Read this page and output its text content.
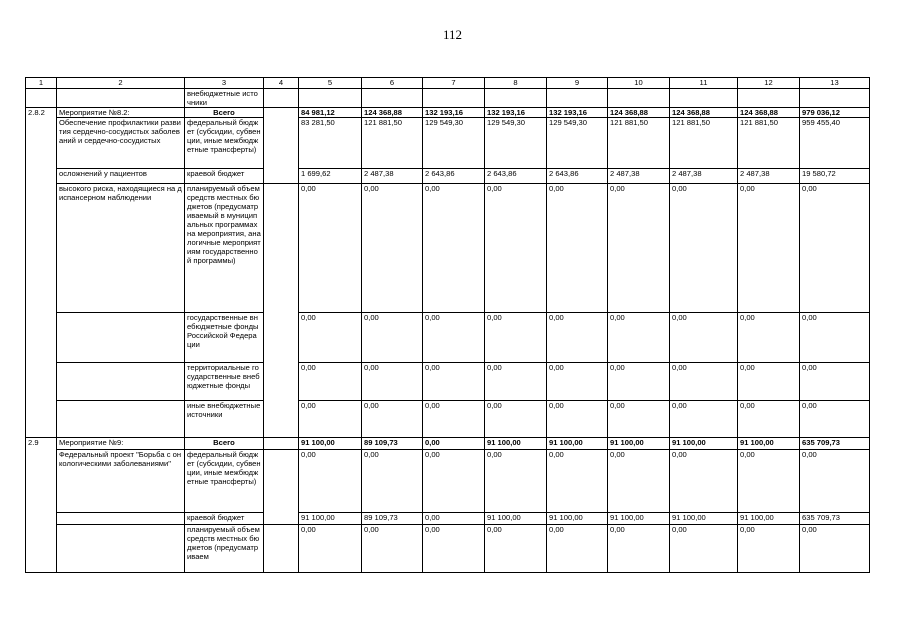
112
1	2	3	4	5	6	7	8	9	10	11	12	13
		внебюджетные источники										
2.8.2	Мероприятие №8.2:	Всего		84 981,12	124 368,88	132 193,16	132 193,16	132 193,16	124 368,88	124 368,88	124 368,88	979 036,12
	Обеспечение профилактики развития сердечно-сосудистых заболеваний и сердечно-сосудистых	федеральный бюджет (субсидии, субвенции, иные межбюджетные трансферты)		83 281,50	121 881,50	129 549,30	129 549,30	129 549,30	121 881,50	121 881,50	121 881,50	959 455,40
	осложнений у пациентов	краевой бюджет		1 699,62	2 487,38	2 643,86	2 643,86	2 643,86	2 487,38	2 487,38	2 487,38	19 580,72
	высокого риска, находящиеся на диспансерном наблюдении	планируемый объем средств местных бюджетов (предусматриваемый в муниципальных программах на мероприятия, аналогичные мероприятиям государственной программы)		0,00	0,00	0,00	0,00	0,00	0,00	0,00	0,00	0,00
		государственные внебюджетные фонды Российской Федерации		0,00	0,00	0,00	0,00	0,00	0,00	0,00	0,00	0,00
		территориальные государственные внебюджетные фонды		0,00	0,00	0,00	0,00	0,00	0,00	0,00	0,00	0,00
		иные внебюджетные источники		0,00	0,00	0,00	0,00	0,00	0,00	0,00	0,00	0,00
2.9	Мероприятие №9:	Всего		91 100,00	89 109,73	0,00	91 100,00	91 100,00	91 100,00	91 100,00	91 100,00	635 709,73
	Федеральный проект "Борьба с онкологическими заболеваниями"	федеральный бюджет (субсидии, субвенции, иные межбюджетные трансферты)		0,00	0,00	0,00	0,00	0,00	0,00	0,00	0,00	0,00
		краевой бюджет		91 100,00	89 109,73	0,00	91 100,00	91 100,00	91 100,00	91 100,00	91 100,00	635 709,73
		планируемый объем средств местных бюджетов (предусматриваем		0,00	0,00	0,00	0,00	0,00	0,00	0,00	0,00	0,00
